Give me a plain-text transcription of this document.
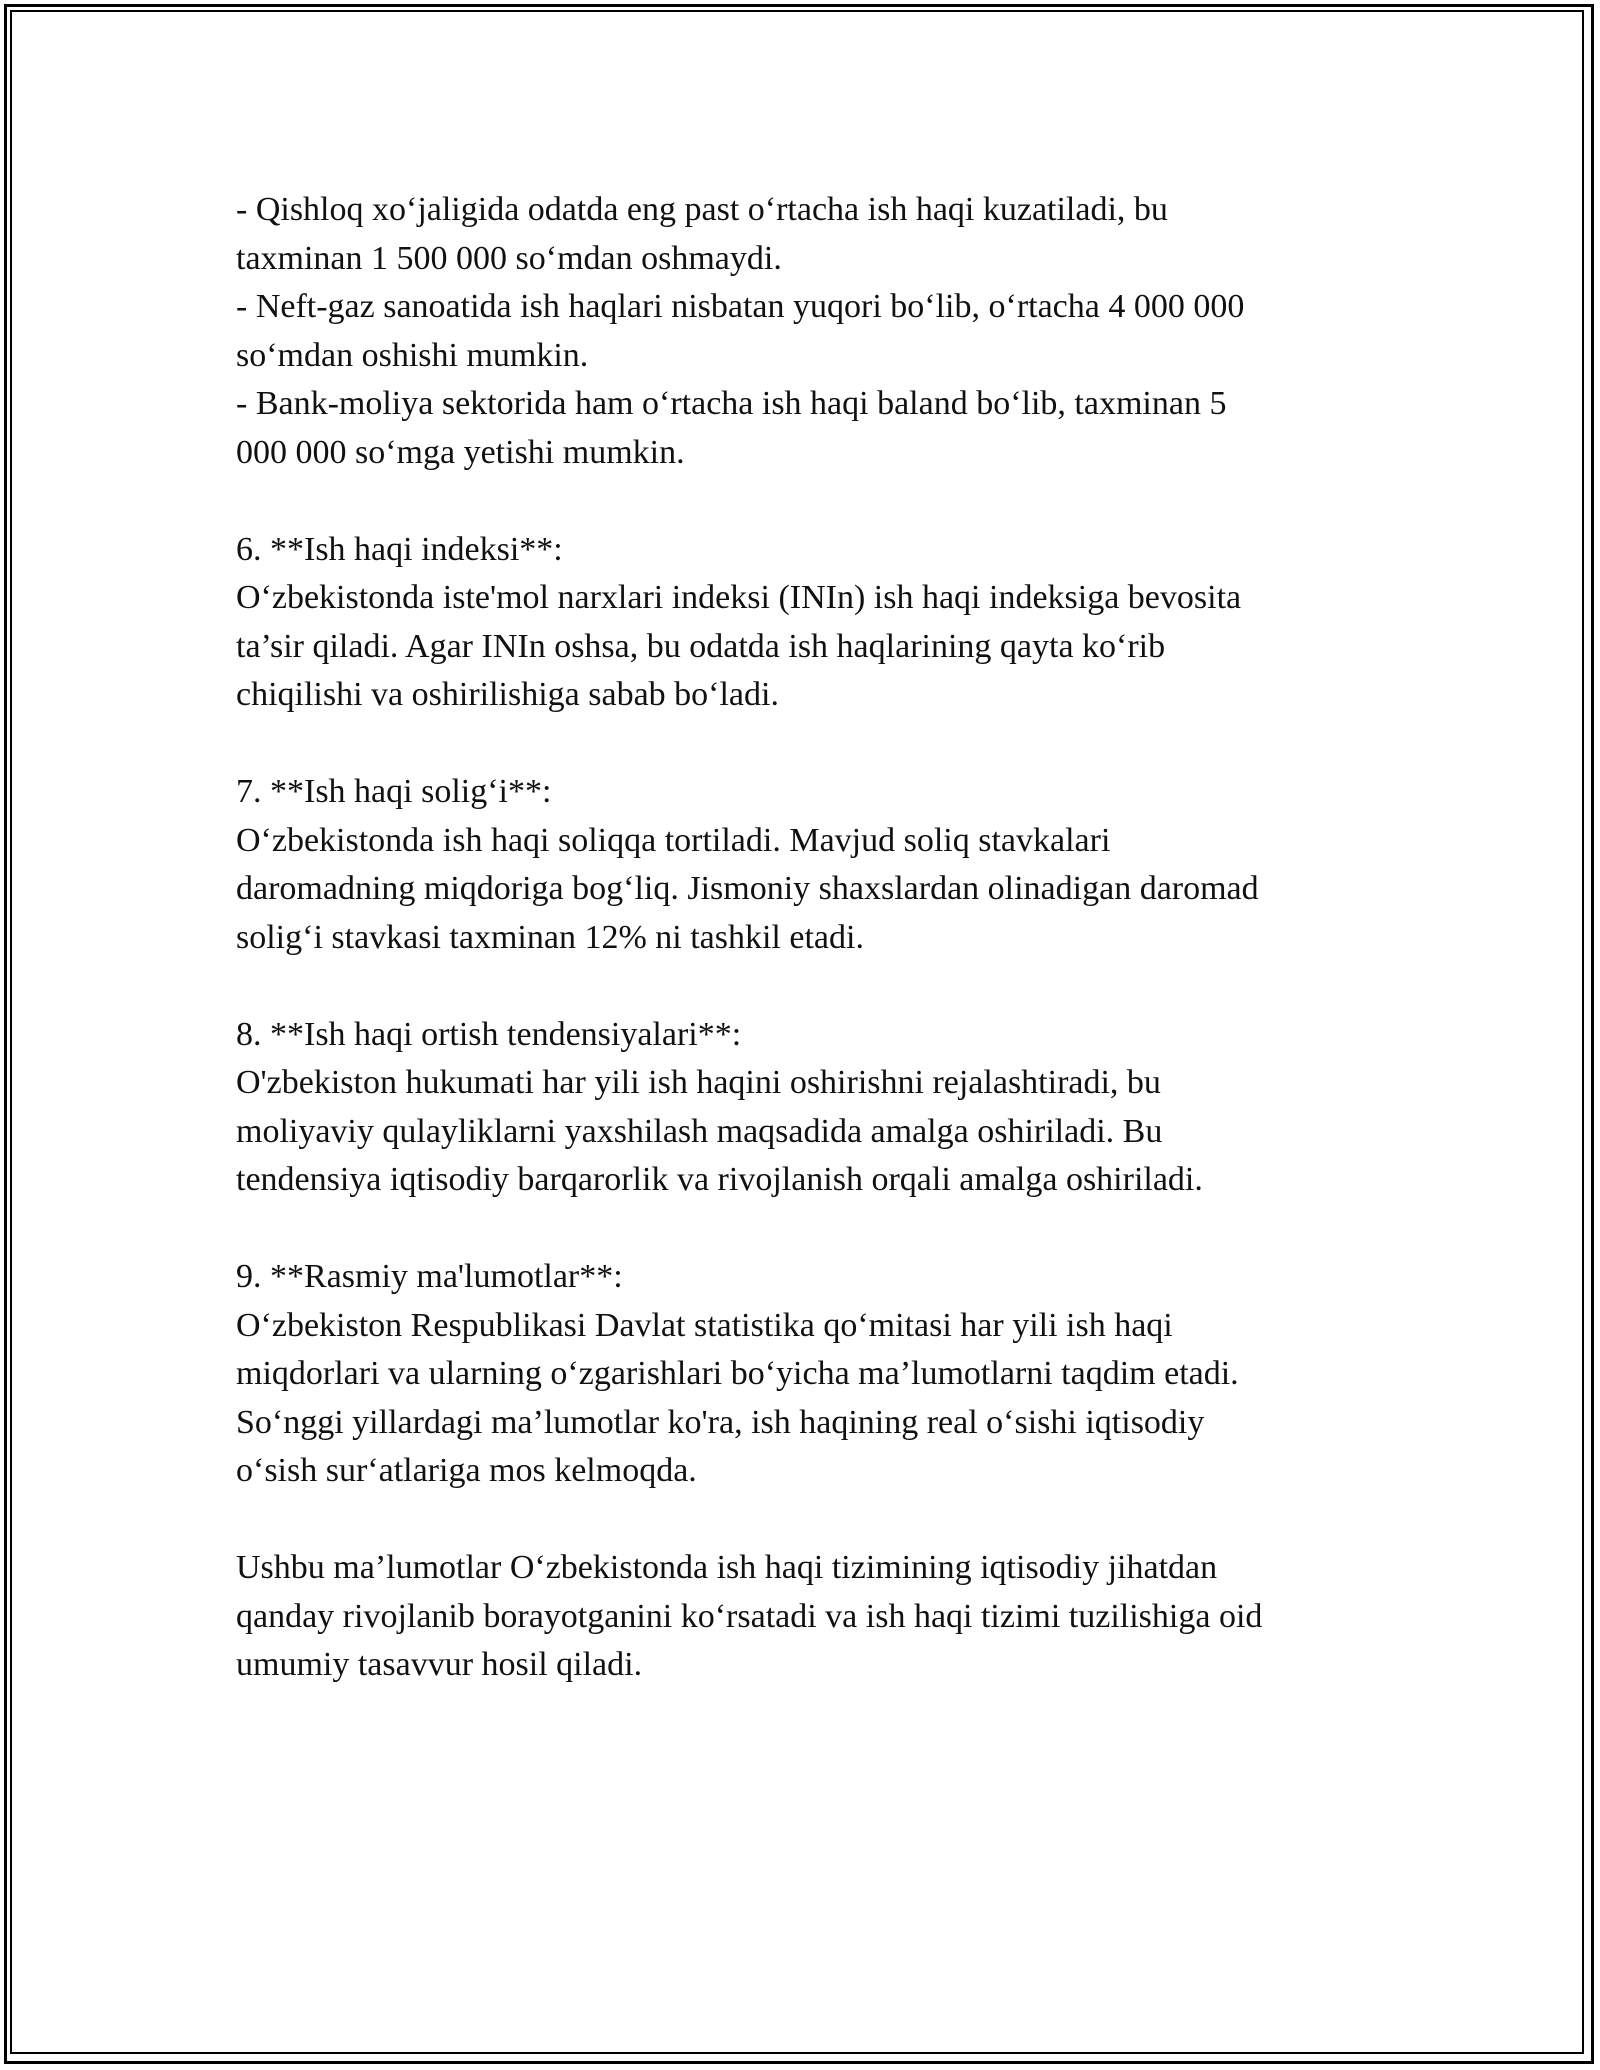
- Qishloq xo‘jaligida odatda eng past o‘rtacha ish haqi kuzatiladi, bu
taxminan 1 500 000 so‘mdan oshmaydi.
- Neft-gaz sanoatida ish haqlari nisbatan yuqori bo‘lib, o‘rtacha 4 000 000
so‘mdan oshishi mumkin.
- Bank-moliya sektorida ham o‘rtacha ish haqi baland bo‘lib, taxminan 5
000 000 so‘mga yetishi mumkin.
6. **Ish haqi indeksi**:
O‘zbekistonda iste'mol narxlari indeksi (INIn) ish haqi indeksiga bevosita
ta’sir qiladi. Agar INIn oshsa, bu odatda ish haqlarining qayta ko‘rib
chiqilishi va oshirilishiga sabab bo‘ladi.
7. **Ish haqi solig‘i**:
O‘zbekistonda ish haqi soliqqa tortiladi. Mavjud soliq stavkalari
daromadning miqdoriga bog‘liq. Jismoniy shaxslardan olinadigan daromad
solig‘i stavkasi taxminan 12% ni tashkil etadi.
8. **Ish haqi ortish tendensiyalari**:
O'zbekiston hukumati har yili ish haqini oshirishni rejalashtiradi, bu
moliyaviy qulayliklarni yaxshilash maqsadida amalga oshiriladi. Bu
tendensiya iqtisodiy barqarorlik va rivojlanish orqali amalga oshiriladi.
9. **Rasmiy ma'lumotlar**:
O‘zbekiston Respublikasi Davlat statistika qo‘mitasi har yili ish haqi
miqdorlari va ularning o‘zgarishlari bo‘yicha ma’lumotlarni taqdim etadi.
So‘nggi yillardagi ma’lumotlar ko'ra, ish haqining real o‘sishi iqtisodiy
o‘sish sur‘atlariga mos kelmoqda.
Ushbu ma’lumotlar O‘zbekistonda ish haqi tizimining iqtisodiy jihatdan
qanday rivojlanib borayotganini ko‘rsatadi va ish haqi tizimi tuzilishiga oid
umumiy tasavvur hosil qiladi.
